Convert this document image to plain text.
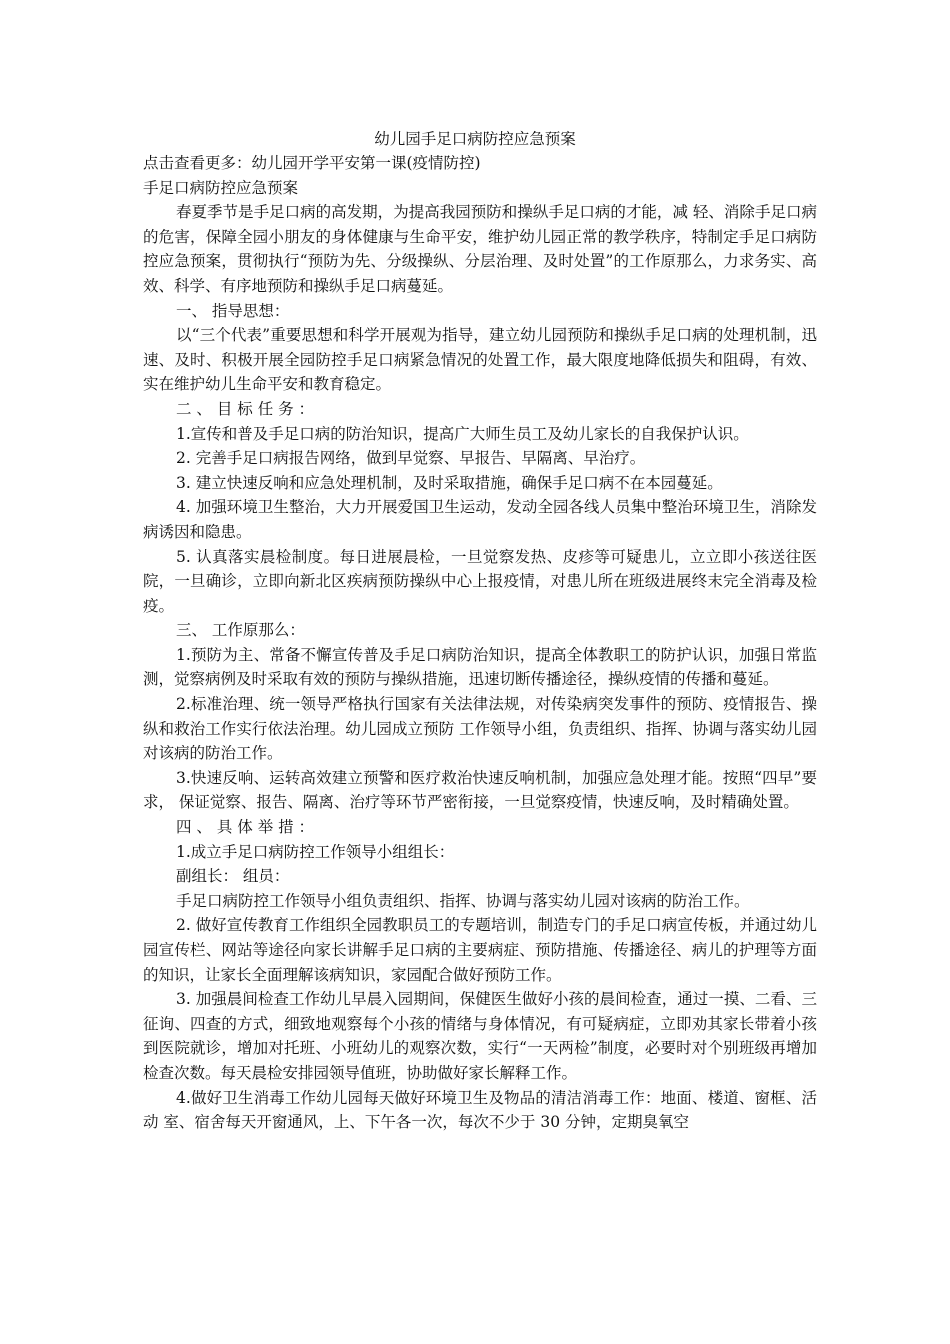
幼儿园手足口病防控应急预案

点击查看更多：幼儿园开学平安第一课(疫情防控)

手足口病防控应急预案

春夏季节是手足口病的高发期，为提高我园预防和操纵手足口病的才能，减 轻、消除手足口病的危害，保障全园小朋友的身体健康与生命平安，维护幼儿园正常的教学秩序，特制定手足口病防控应急预案，贯彻执行“预防为先、分级操纵、分层治理、及时处置”的工作原那么，力求务实、高效、科学、有序地预防和操纵手足口病蔓延。

一、 指导思想：

以“三个代表”重要思想和科学开展观为指导，建立幼儿园预防和操纵手足口病的处理机制，迅速、及时、积极开展全园防控手足口病紧急情况的处置工作，最大限度地降低损失和阻碍，有效、实在维护幼儿生命平安和教育稳定。

二 、 目 标 任 务 ：

1.宣传和普及手足口病的防治知识，提高广大师生员工及幼儿家长的自我保护认识。

2. 完善手足口病报告网络，做到早觉察、早报告、早隔离、早治疗。

3. 建立快速反响和应急处理机制，及时采取措施，确保手足口病不在本园蔓延。

4. 加强环境卫生整治，大力开展爱国卫生运动，发动全园各线人员集中整治环境卫生，消除发病诱因和隐患。

5. 认真落实晨检制度。每日进展晨检，一旦觉察发热、皮疹等可疑患儿，立立即小孩送往医院，一旦确诊，立即向新北区疾病预防操纵中心上报疫情，对患儿所在班级进展终末完全消毒及检疫。

三、 工作原那么：

1.预防为主、常备不懈宣传普及手足口病防治知识，提高全体教职工的防护认识，加强日常监测，觉察病例及时采取有效的预防与操纵措施，迅速切断传播途径，操纵疫情的传播和蔓延。

2.标准治理、统一领导严格执行国家有关法律法规，对传染病突发事件的预防、疫情报告、操纵和救治工作实行依法治理。幼儿园成立预防 工作领导小组，负责组织、指挥、协调与落实幼儿园对该病的防治工作。

3.快速反响、运转高效建立预警和医疗救治快速反响机制，加强应急处理才能。按照“四早”要求， 保证觉察、报告、隔离、治疗等环节严密衔接，一旦觉察疫情，快速反响，及时精确处置。

四 、 具 体 举 措 ：

1.成立手足口病防控工作领导小组组长：

副组长： 组员：

手足口病防控工作领导小组负责组织、指挥、协调与落实幼儿园对该病的防治工作。

2. 做好宣传教育工作组织全园教职员工的专题培训，制造专门的手足口病宣传板，并通过幼儿园宣传栏、网站等途径向家长讲解手足口病的主要病症、预防措施、传播途径、病儿的护理等方面的知识，让家长全面理解该病知识，家园配合做好预防工作。

3. 加强晨间检查工作幼儿早晨入园期间，保健医生做好小孩的晨间检查，通过一摸、二看、三征询、四查的方式，细致地观察每个小孩的情绪与身体情况，有可疑病症，立即劝其家长带着小孩到医院就诊，增加对托班、小班幼儿的观察次数，实行“一天两检”制度，必要时对个别班级再增加检查次数。每天晨检安排园领导值班，协助做好家长解释工作。

4.做好卫生消毒工作幼儿园每天做好环境卫生及物品的清洁消毒工作：地面、楼道、窗框、活动 室、宿舍每天开窗通风，上、下午各一次，每次不少于 30 分钟，定期臭氧空
